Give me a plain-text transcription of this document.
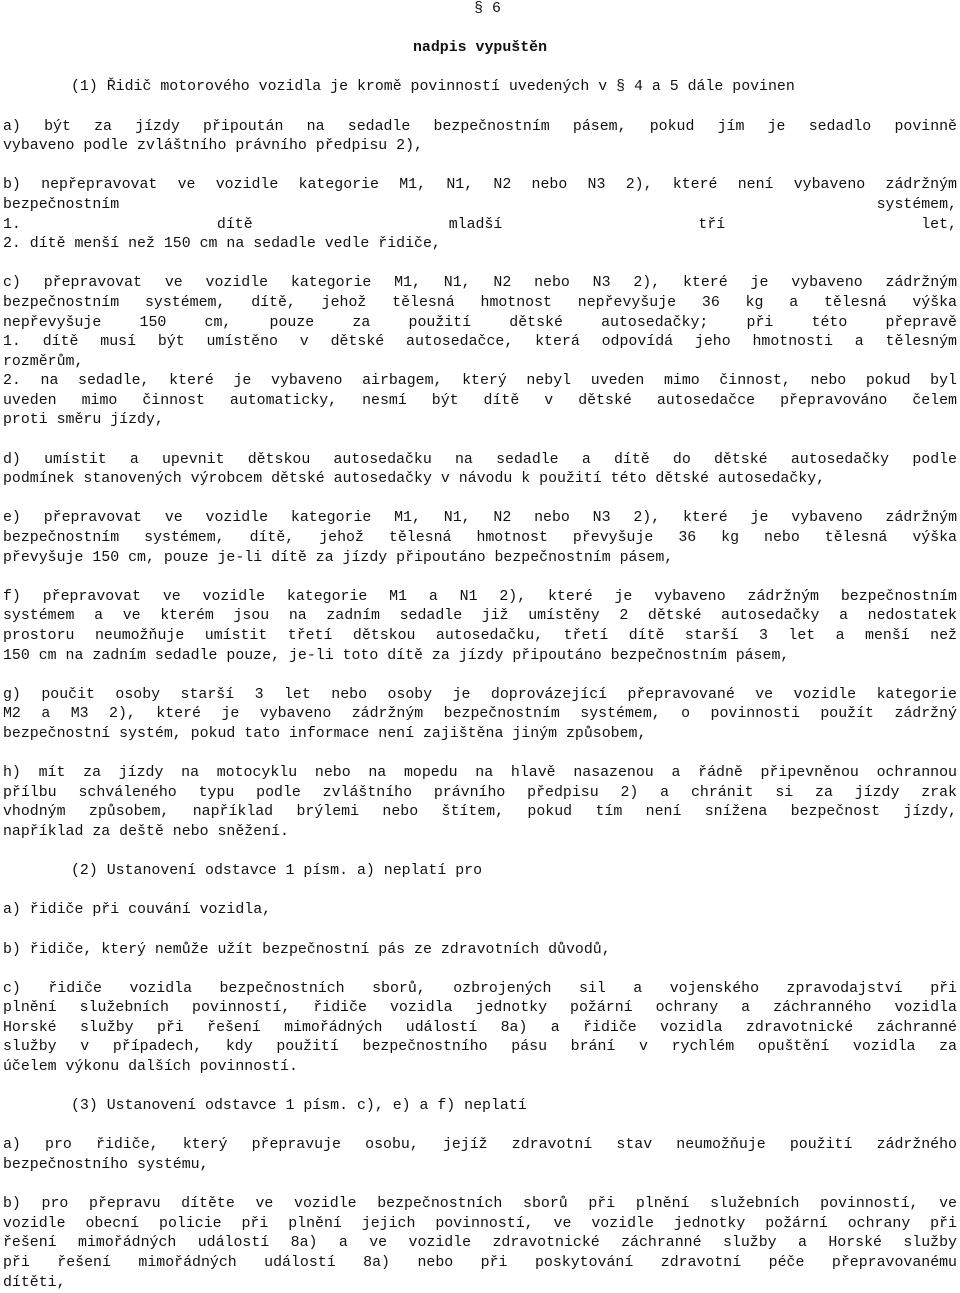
§ 6
nadpis vypuštěn
(1) Řidič motorového vozidla je kromě povinností uvedených v § 4 a 5 dále povinen
a) být za jízdy připoután na sedadle bezpečnostním pásem, pokud jím je sedadlo povinně
vybaveno podle zvláštního právního předpisu 2),
b) nepřepravovat ve vozidle kategorie M1, N1, N2 nebo N3 2), které není vybaveno zádržným
bezpečnostním systémem,
1. dítě mladší tří let,
2. dítě menší než 150 cm na sedadle vedle řidiče,
c) přepravovat ve vozidle kategorie M1, N1, N2 nebo N3 2), které je vybaveno zádržným
bezpečnostním systémem, dítě, jehož tělesná hmotnost nepřevyšuje 36 kg a tělesná výška
nepřevyšuje 150 cm, pouze za použití dětské autosedačky; při této přepravě
1. dítě musí být umístěno v dětské autosedačce, která odpovídá jeho hmotnosti a tělesným
rozměrům,
2. na sedadle, které je vybaveno airbagem, který nebyl uveden mimo činnost, nebo pokud byl
uveden mimo činnost automaticky, nesmí být dítě v dětské autosedačce přepravováno čelem
proti směru jízdy,
d) umístit a upevnit dětskou autosedačku na sedadle a dítě do dětské autosedačky podle
podmínek stanovených výrobcem dětské autosedačky v návodu k použití této dětské autosedačky,
e) přepravovat ve vozidle kategorie M1, N1, N2 nebo N3 2), které je vybaveno zádržným
bezpečnostním systémem, dítě, jehož tělesná hmotnost převyšuje 36 kg nebo tělesná výška
převyšuje 150 cm, pouze je-li dítě za jízdy připoutáno bezpečnostním pásem,
f) přepravovat ve vozidle kategorie M1 a N1 2), které je vybaveno zádržným bezpečnostním
systémem a ve kterém jsou na zadním sedadle již umístěny 2 dětské autosedačky a nedostatek
prostoru neumožňuje umístit třetí dětskou autosedačku, třetí dítě starší 3 let a menší než
150 cm na zadním sedadle pouze, je-li toto dítě za jízdy připoutáno bezpečnostním pásem,
g) poučit osoby starší 3 let nebo osoby je doprovázející přepravované ve vozidle kategorie
M2 a M3 2), které je vybaveno zádržným bezpečnostním systémem, o povinnosti použít zádržný
bezpečnostní systém, pokud tato informace není zajištěna jiným způsobem,
h) mít za jízdy na motocyklu nebo na mopedu na hlavě nasazenou a řádně připevněnou ochrannou
přílbu schváleného typu podle zvláštního právního předpisu 2) a chránit si za jízdy zrak
vhodným způsobem, například brýlemi nebo štítem, pokud tím není snížena bezpečnost jízdy,
například za deště nebo sněžení.
(2) Ustanovení odstavce 1 písm. a) neplatí pro
a) řidiče při couvání vozidla,
b) řidiče, který nemůže užít bezpečnostní pás ze zdravotních důvodů,
c) řidiče vozidla bezpečnostních sborů, ozbrojených sil a vojenského zpravodajství při
plnění služebních povinností, řidiče vozidla jednotky požární ochrany a záchranného vozidla
Horské služby při řešení mimořádných událostí 8a) a řidiče vozidla zdravotnické záchranné
služby v případech, kdy použití bezpečnostního pásu brání v rychlém opuštění vozidla za
účelem výkonu dalších povinností.
(3) Ustanovení odstavce 1 písm. c), e) a f) neplatí
a) pro řidiče, který přepravuje osobu, jejíž zdravotní stav neumožňuje použití zádržného
bezpečnostního systému,
b) pro přepravu dítěte ve vozidle bezpečnostních sborů při plnění služebních povinností, ve
vozidle obecní policie při plnění jejich povinností, ve vozidle jednotky požární ochrany při
řešení mimořádných událostí 8a) a ve vozidle zdravotnické záchranné služby a Horské služby
při řešení mimořádných událostí 8a) nebo při poskytování zdravotní péče přepravovanému
dítěti,
